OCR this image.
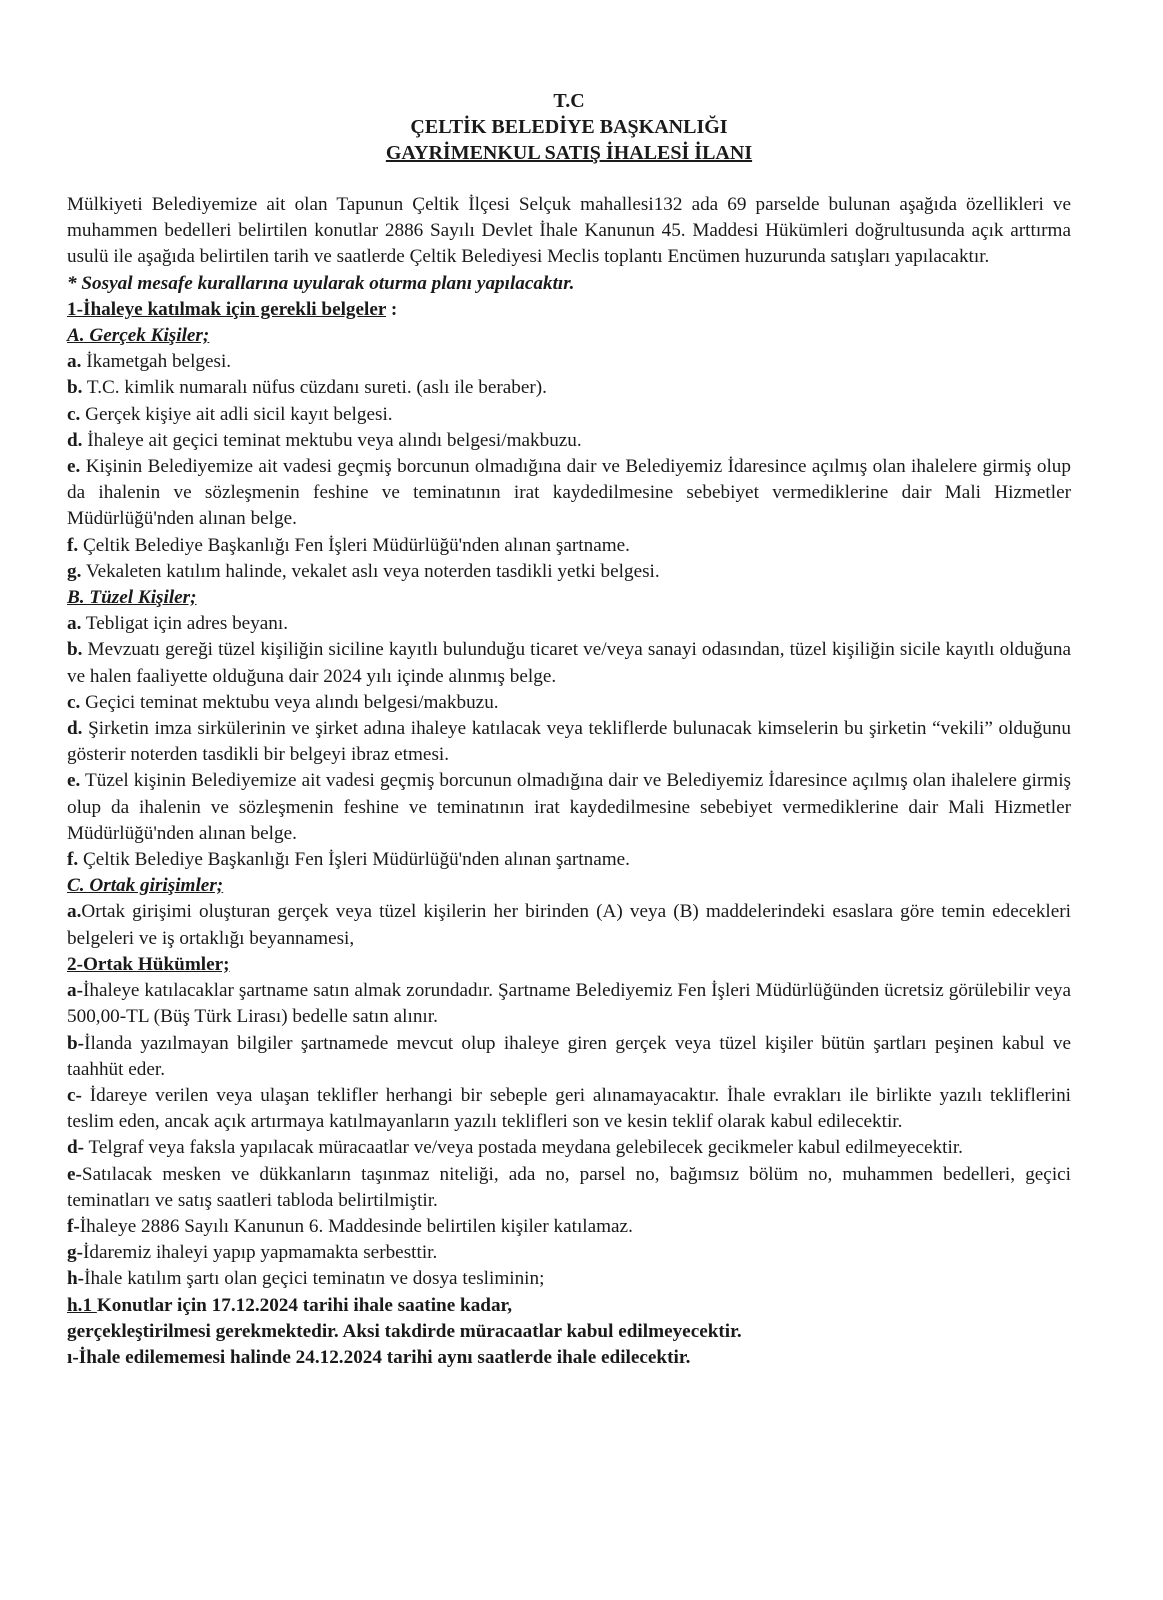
T.C
ÇELTİK BELEDİYE BAŞKANLIĞI
GAYRİMENKUL SATIŞ İHALESİ İLANI

Mülkiyeti Belediyemize ait olan Tapunun Çeltik İlçesi Selçuk mahallesi132 ada 69 parselde bulunan aşağıda özellikleri ve muhammen bedelleri belirtilen konutlar 2886 Sayılı Devlet İhale Kanunun 45. Maddesi Hükümleri doğrultusunda açık arttırma usulü ile aşağıda belirtilen tarih ve saatlerde Çeltik Belediyesi Meclis toplantı Encümen huzurunda satışları yapılacaktır.

* Sosyal mesafe kurallarına uyularak oturma planı yapılacaktır.

1-İhaleye katılmak için gerekli belgeler :

A. Gerçek Kişiler;

a. İkametgah belgesi.

b. T.C. kimlik numaralı nüfus cüzdanı sureti. (aslı ile beraber).

c. Gerçek kişiye ait adli sicil kayıt belgesi.

d. İhaleye ait geçici teminat mektubu veya alındı belgesi/makbuzu.

e. Kişinin Belediyemize ait vadesi geçmiş borcunun olmadığına dair ve Belediyemiz İdaresince açılmış olan ihalelere girmiş olup da ihalenin ve sözleşmenin feshine ve teminatının irat kaydedilmesine sebebiyet vermediklerine dair Mali Hizmetler Müdürlüğü'nden alınan belge.

f. Çeltik Belediye Başkanlığı Fen İşleri Müdürlüğü'nden alınan şartname.

g. Vekaleten katılım halinde, vekalet aslı veya noterden tasdikli yetki belgesi.

B. Tüzel Kişiler;

a. Tebligat için adres beyanı.

b. Mevzuatı gereği tüzel kişiliğin siciline kayıtlı bulunduğu ticaret ve/veya sanayi odasından, tüzel kişiliğin sicile kayıtlı olduğuna ve halen faaliyette olduğuna dair 2024 yılı içinde alınmış belge.

c. Geçici teminat mektubu veya alındı belgesi/makbuzu.

d. Şirketin imza sirkülerinin ve şirket adına ihaleye katılacak veya tekliflerde bulunacak kimselerin bu şirketin “vekili” olduğunu gösterir noterden tasdikli bir belgeyi ibraz etmesi.

e. Tüzel kişinin Belediyemize ait vadesi geçmiş borcunun olmadığına dair ve Belediyemiz İdaresince açılmış olan ihalelere girmiş olup da ihalenin ve sözleşmenin feshine ve teminatının irat kaydedilmesine sebebiyet vermediklerine dair Mali Hizmetler Müdürlüğü'nden alınan belge.

f. Çeltik Belediye Başkanlığı Fen İşleri Müdürlüğü'nden alınan şartname.

C. Ortak girişimler;

a.Ortak girişimi oluşturan gerçek veya tüzel kişilerin her birinden (A) veya (B) maddelerindeki esaslara göre temin edecekleri belgeleri ve iş ortaklığı beyannamesi,

2-Ortak Hükümler;

a-İhaleye katılacaklar şartname satın almak zorundadır. Şartname Belediyemiz Fen İşleri Müdürlüğünden ücretsiz görülebilir veya 500,00-TL (Büş Türk Lirası) bedelle satın alınır.

b-İlanda yazılmayan bilgiler şartnamede mevcut olup ihaleye giren gerçek veya tüzel kişiler bütün şartları peşinen kabul ve taahhüt eder.

c- İdareye verilen veya ulaşan teklifler herhangi bir sebeple geri alınamayacaktır. İhale evrakları ile birlikte yazılı tekliflerini teslim eden, ancak açık artırmaya katılmayanların yazılı teklifleri son ve kesin teklif olarak kabul edilecektir.

d- Telgraf veya faksla yapılacak müracaatlar ve/veya postada meydana gelebilecek gecikmeler kabul edilmeyecektir.

e-Satılacak mesken ve dükkanların taşınmaz niteliği, ada no, parsel no, bağımsız bölüm no, muhammen bedelleri, geçici teminatları ve satış saatleri tabloda belirtilmiştir.

f-İhaleye 2886 Sayılı Kanunun 6. Maddesinde belirtilen kişiler katılamaz.

g-İdaremiz ihaleyi yapıp yapmamakta serbesttir.

h-İhale katılım şartı olan geçici teminatın ve dosya tesliminin;

h.1 Konutlar için 17.12.2024 tarihi ihale saatine kadar,

gerçekleştirilmesi gerekmektedir. Aksi takdirde müracaatlar kabul edilmeyecektir.

ı-İhale edilememesi halinde 24.12.2024 tarihi aynı saatlerde ihale edilecektir.
